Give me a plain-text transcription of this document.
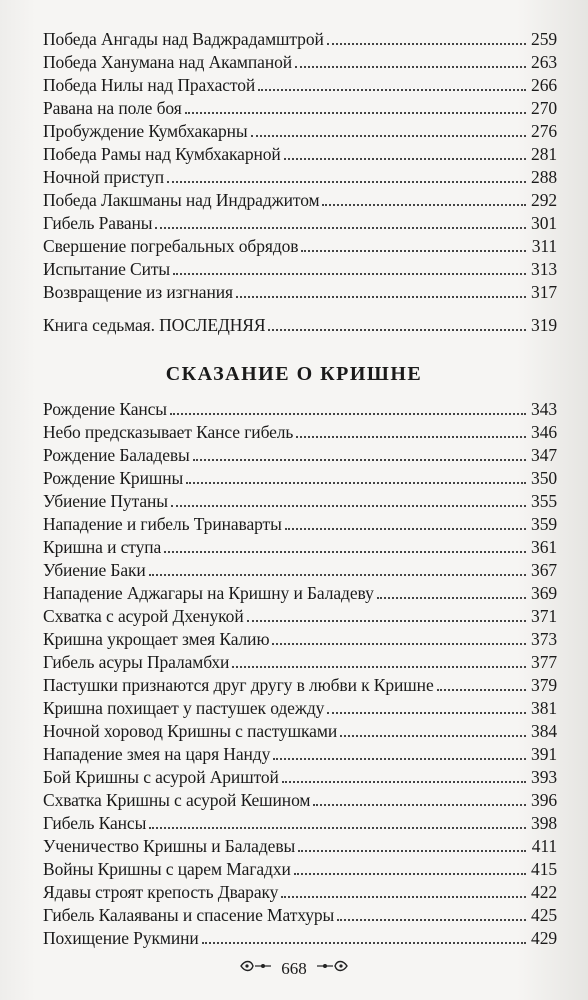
Победа Ангады над Ваджрадамштрой	259
Победа Ханумана над Акампаной	263
Победа Нилы над Прахастой	266
Равана на поле боя	270
Пробуждение Кумбхакарны	276
Победа Рамы над Кумбхакарной	281
Ночной приступ	288
Победа Лакшманы над Индраджитом	292
Гибель Раваны	301
Свершение погребальных обрядов	311
Испытание Ситы	313
Возвращение из изгнания	317
Книга седьмая. ПОСЛЕДНЯЯ	319
СКАЗАНИЕ О КРИШНЕ
Рождение Кансы	343
Небо предсказывает Кансе гибель	346
Рождение Баладевы	347
Рождение Кришны	350
Убиение Путаны	355
Нападение и гибель Тринаварты	359
Кришна и ступа	361
Убиение Баки	367
Нападение Аджагары на Кришну и Баладеву	369
Схватка с асурой Дхенукой	371
Кришна укрощает змея Калию	373
Гибель асуры Праламбхи	377
Пастушки признаются друг другу в любви к Кришне	379
Кришна похищает у пастушек одежду	381
Ночной хоровод Кришны с пастушками	384
Нападение змея на царя Нанду	391
Бой Кришны с асурой Ариштой	393
Схватка Кришны с асурой Кешином	396
Гибель Кансы	398
Ученичество Кришны и Баладевы	411
Войны Кришны с царем Магадхи	415
Ядавы строят крепость Двараку	422
Гибель Калаяваны и спасение Матхуры	425
Похищение Рукмини	429
668
